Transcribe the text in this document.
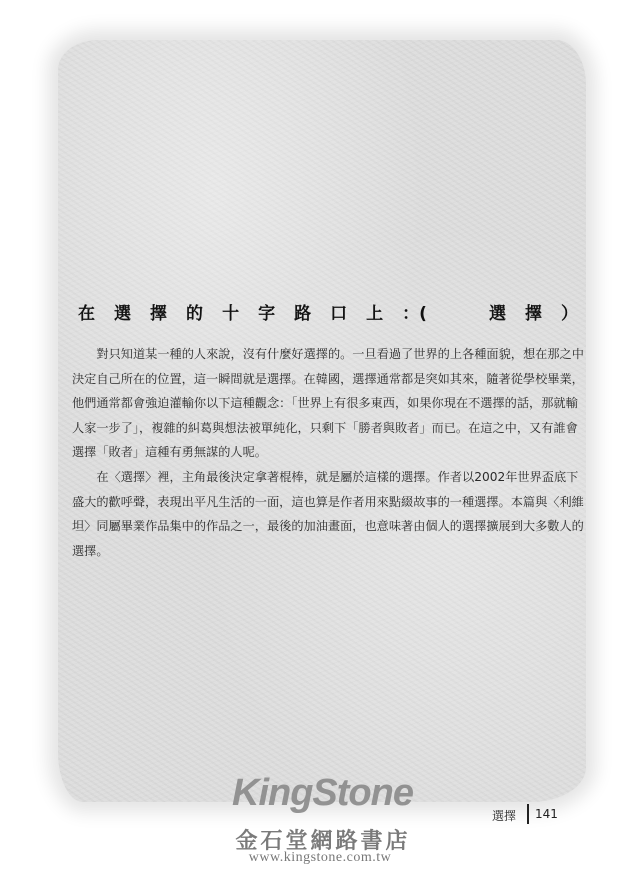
在 選 擇 的 十 字 路 口 上 ：(	選 擇 ）

對只知道某一種的人來說，沒有什麼好選擇的。一旦看過了世界的上各種面貌，想在那之中決定自己所在的位置，這一瞬間就是選擇。在韓國，選擇通常都是突如其來，隨著從學校畢業，他們通常都會強迫灌輸你以下這種觀念：「世界上有很多東西，如果你現在不選擇的話，那就輸人家一步了」，複雜的糾葛與想法被單純化，只剩下「勝者與敗者」而已。在這之中，又有誰會選擇「敗者」這種有勇無謀的人呢。

在〈選擇〉裡，主角最後決定拿著棍棒，就是屬於這樣的選擇。作者以2002年世界盃底下盛大的歡呼聲，表現出平凡生活的一面，這也算是作者用來點綴故事的一種選擇。本篇與〈利維坦〉同屬畢業作品集中的作品之一，最後的加油畫面，也意味著由個人的選擇擴展到大多數人的選擇。

KingStone
金石堂網路書店
www.kingstone.com.tw
選擇 141
